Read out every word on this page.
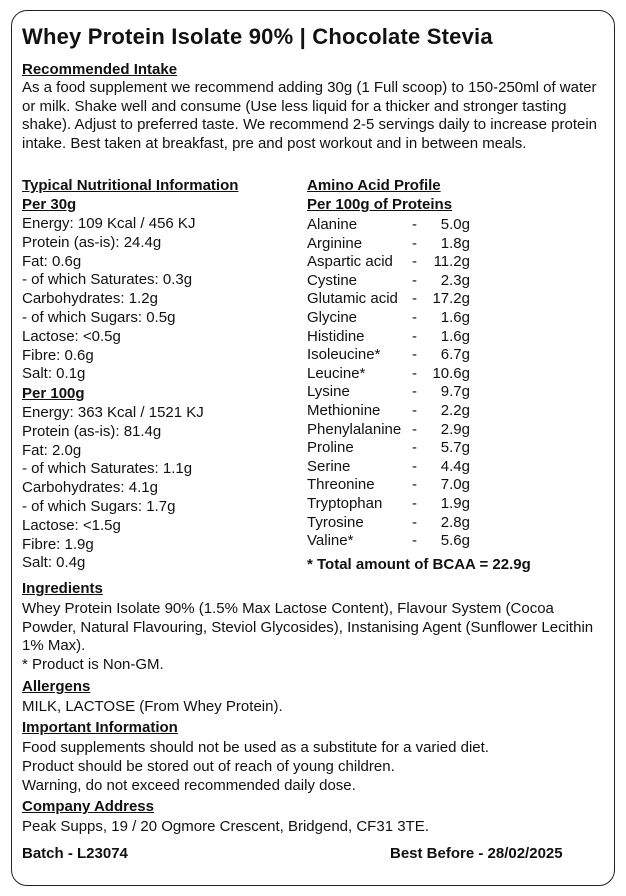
Whey Protein Isolate 90% | Chocolate Stevia
Recommended Intake
As a food supplement we recommend adding 30g (1 Full scoop) to 150-250ml of water or milk. Shake well and consume (Use less liquid for a thicker and stronger tasting shake). Adjust to preferred taste. We recommend 2-5 servings daily to increase protein intake. Best taken at breakfast, pre and post workout and in between meals.
Typical Nutritional Information
Per 30g
Energy: 109 Kcal / 456 KJ
Protein (as-is): 24.4g
Fat: 0.6g
- of which Saturates: 0.3g
Carbohydrates: 1.2g
- of which Sugars: 0.5g
Lactose: <0.5g
Fibre: 0.6g
Salt: 0.1g
Per 100g
Energy: 363 Kcal / 1521 KJ
Protein (as-is): 81.4g
Fat: 2.0g
- of which Saturates: 1.1g
Carbohydrates: 4.1g
- of which Sugars: 1.7g
Lactose: <1.5g
Fibre: 1.9g
Salt: 0.4g
Amino Acid Profile
Per 100g of Proteins
Alanine	- 5.0g
Arginine	- 1.8g
Aspartic acid - 11.2g
Cystine	- 2.3g
Glutamic acid - 17.2g
Glycine	- 1.6g
Histidine	- 1.6g
Isoleucine* - 6.7g
Leucine*	- 10.6g
Lysine	- 9.7g
Methionine - 2.2g
Phenylalanine - 2.9g
Proline	- 5.7g
Serine	- 4.4g
Threonine - 7.0g
Tryptophan - 1.9g
Tyrosine	- 2.8g
Valine*	- 5.6g
* Total amount of BCAA = 22.9g
Ingredients
Whey Protein Isolate 90% (1.5% Max Lactose Content), Flavour System (Cocoa Powder, Natural Flavouring, Steviol Glycosides), Instanising Agent (Sunflower Lecithin 1% Max).
* Product is Non-GM.
Allergens
MILK, LACTOSE (From Whey Protein).
Important Information
Food supplements should not be used as a substitute for a varied diet.
Product should be stored out of reach of young children.
Warning, do not exceed recommended daily dose.
Company Address
Peak Supps, 19 / 20 Ogmore Crescent, Bridgend, CF31 3TE.
Batch - L23074	Best Before - 28/02/2025
